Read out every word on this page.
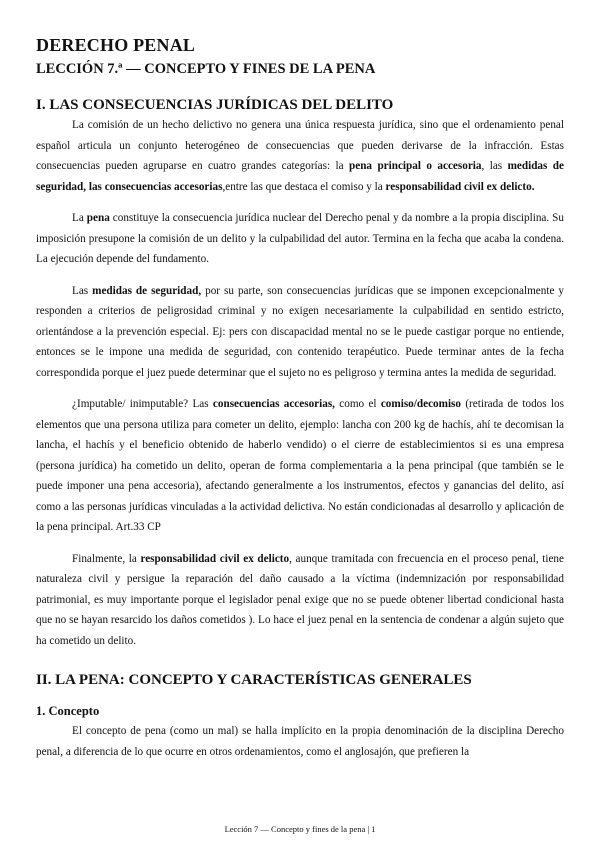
DERECHO PENAL
LECCIÓN 7.ª — CONCEPTO Y FINES DE LA PENA
I. LAS CONSECUENCIAS JURÍDICAS DEL DELITO

La comisión de un hecho delictivo no genera una única respuesta jurídica, sino que el ordenamiento penal español articula un conjunto heterogéneo de consecuencias que pueden derivarse de la infracción. Estas consecuencias pueden agruparse en cuatro grandes categorías: la pena principal o accesoria, las medidas de seguridad, las consecuencias accesorias,entre las que destaca el comiso y la responsabilidad civil ex delicto.

La pena constituye la consecuencia jurídica nuclear del Derecho penal y da nombre a la propia disciplina. Su imposición presupone la comisión de un delito y la culpabilidad del autor. Termina en la fecha que acaba la condena. La ejecución depende del fundamento.

Las medidas de seguridad, por su parte, son consecuencias jurídicas que se imponen excepcionalmente y responden a criterios de peligrosidad criminal y no exigen necesariamente la culpabilidad en sentido estricto, orientándose a la prevención especial. Ej: pers con discapacidad mental no se le puede castigar porque no entiende, entonces se le impone una medida de seguridad, con contenido terapéutico. Puede terminar antes de la fecha correspondida porque el juez puede determinar que el sujeto no es peligroso y termina antes la medida de seguridad.

¿Imputable/ inimputable? Las consecuencias accesorias, como el comiso/decomiso (retirada de todos los elementos que una persona utiliza para cometer un delito, ejemplo: lancha con 200 kg de hachís, ahí te decomisan la lancha, el hachís y el beneficio obtenido de haberlo vendido) o el cierre de establecimientos si es una empresa (persona jurídica) ha cometido un delito, operan de forma complementaria a la pena principal (que también se le puede imponer una pena accesoria), afectando generalmente a los instrumentos, efectos y ganancias del delito, así como a las personas jurídicas vinculadas a la actividad delictiva. No están condicionadas al desarrollo y aplicación de la pena principal. Art.33 CP

Finalmente, la responsabilidad civil ex delicto, aunque tramitada con frecuencia en el proceso penal, tiene naturaleza civil y persigue la reparación del daño causado a la víctima (indemnización por responsabilidad patrimonial, es muy importante porque el legislador penal exige que no se puede obtener libertad condicional hasta que no se hayan resarcido los daños cometidos ). Lo hace el juez penal en la sentencia de condenar a algún sujeto que ha cometido un delito.

II. LA PENA: CONCEPTO Y CARACTERÍSTICAS GENERALES
1. Concepto

El concepto de pena (como un mal) se halla implícito en la propia denominación de la disciplina Derecho penal, a diferencia de lo que ocurre en otros ordenamientos, como el anglosajón, que prefieren la

Lección 7 — Concepto y fines de la pena | 1
